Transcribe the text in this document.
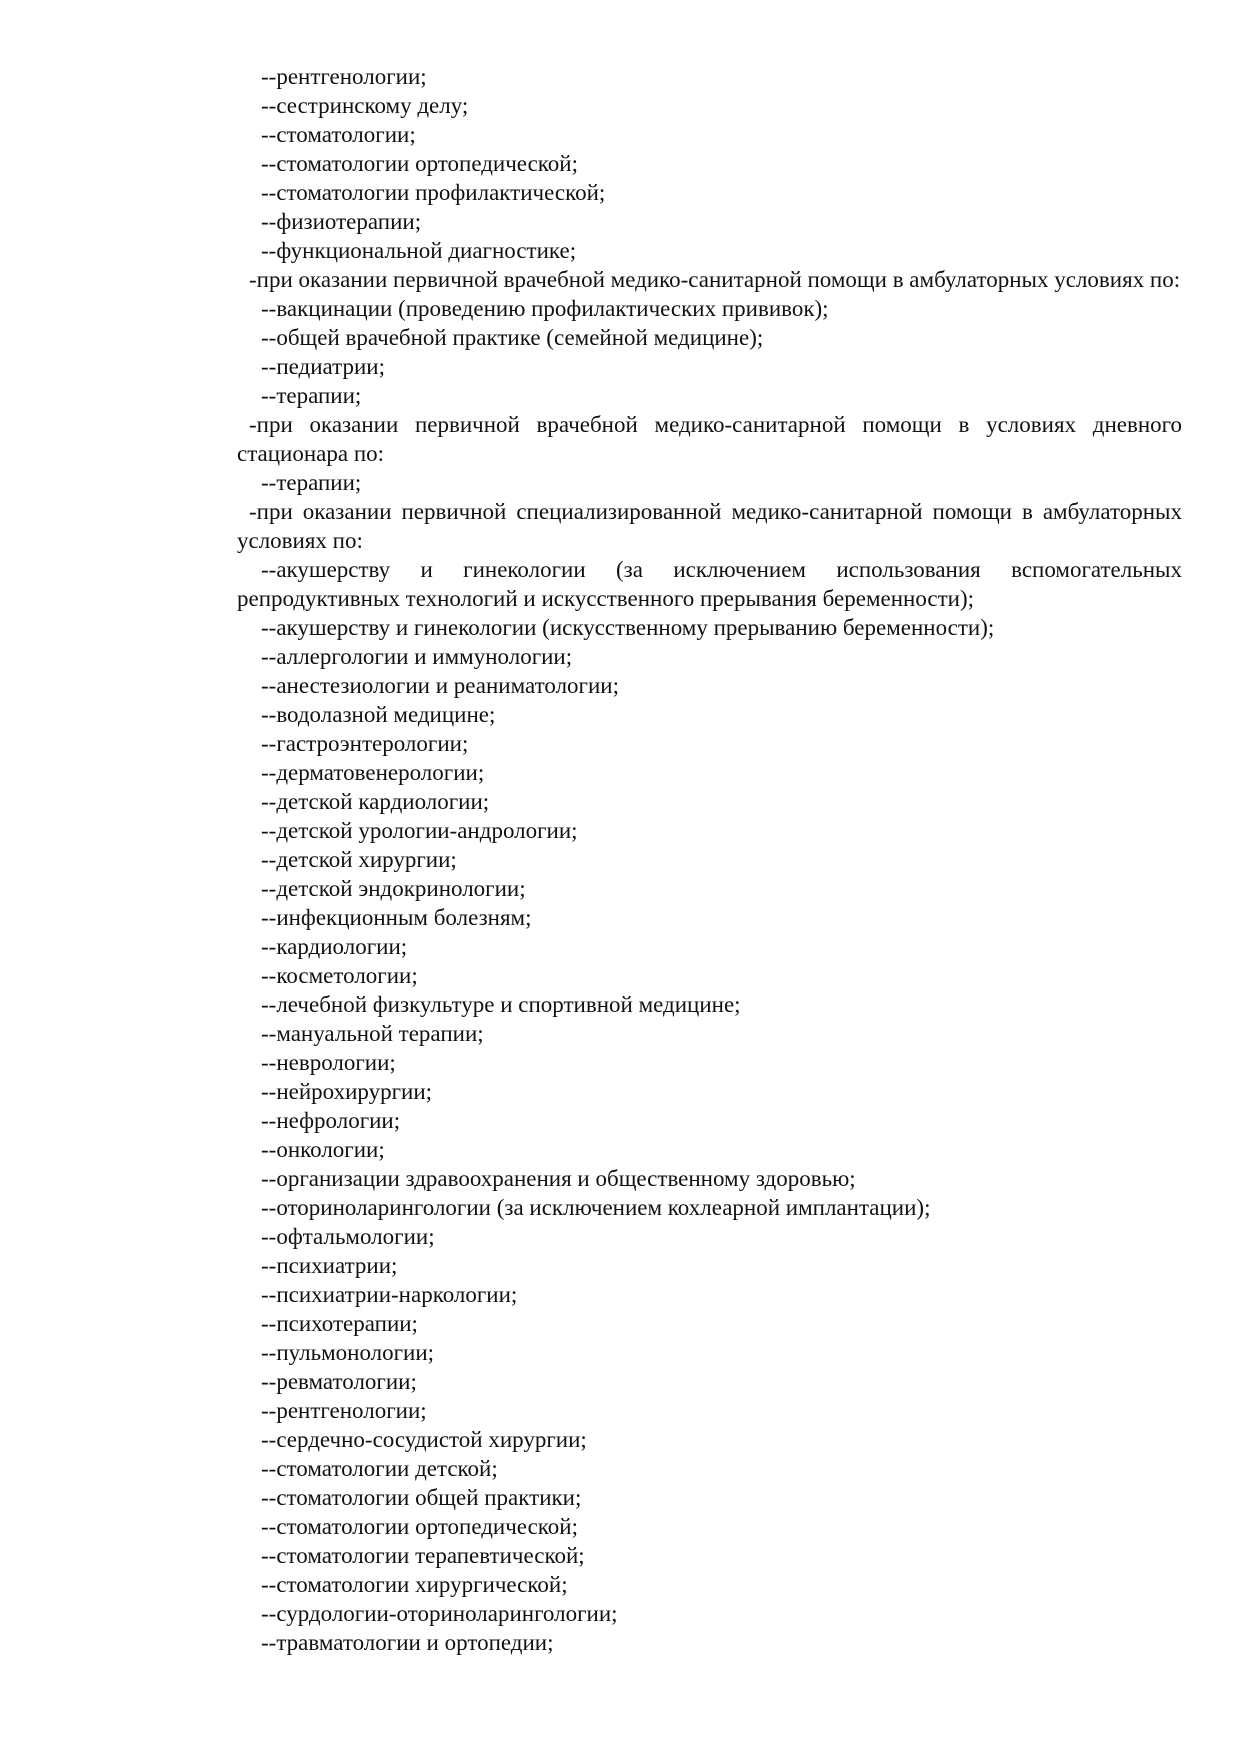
--рентгенологии;

--сестринскому делу;

--стоматологии;

--стоматологии ортопедической;

--стоматологии профилактической;

--физиотерапии;

--функциональной диагностике;

-при оказании первичной врачебной медико-санитарной помощи в амбулаторных условиях по:

--вакцинации (проведению профилактических прививок);

--общей врачебной практике (семейной медицине);

--педиатрии;

--терапии;

-при оказании первичной врачебной медико-санитарной помощи в условиях дневного стационара по:

--терапии;

-при оказании первичной специализированной медико-санитарной помощи в амбулаторных условиях по:

--акушерству и гинекологии (за исключением использования вспомогательных репродуктивных технологий и искусственного прерывания беременности);

--акушерству и гинекологии (искусственному прерыванию беременности);

--аллергологии и иммунологии;

--анестезиологии и реаниматологии;

--водолазной медицине;

--гастроэнтерологии;

--дерматовенерологии;

--детской кардиологии;

--детской урологии-андрологии;

--детской хирургии;

--детской эндокринологии;

--инфекционным болезням;

--кардиологии;

--косметологии;

--лечебной физкультуре и спортивной медицине;

--мануальной терапии;

--неврологии;

--нейрохирургии;

--нефрологии;

--онкологии;

--организации здравоохранения и общественному здоровью;

--оториноларингологии (за исключением кохлеарной имплантации);

--офтальмологии;

--психиатрии;

--психиатрии-наркологии;

--психотерапии;

--пульмонологии;

--ревматологии;

--рентгенологии;

--сердечно-сосудистой хирургии;

--стоматологии детской;

--стоматологии общей практики;

--стоматологии ортопедической;

--стоматологии терапевтической;

--стоматологии хирургической;

--сурдологии-оториноларингологии;

--травматологии и ортопедии;
